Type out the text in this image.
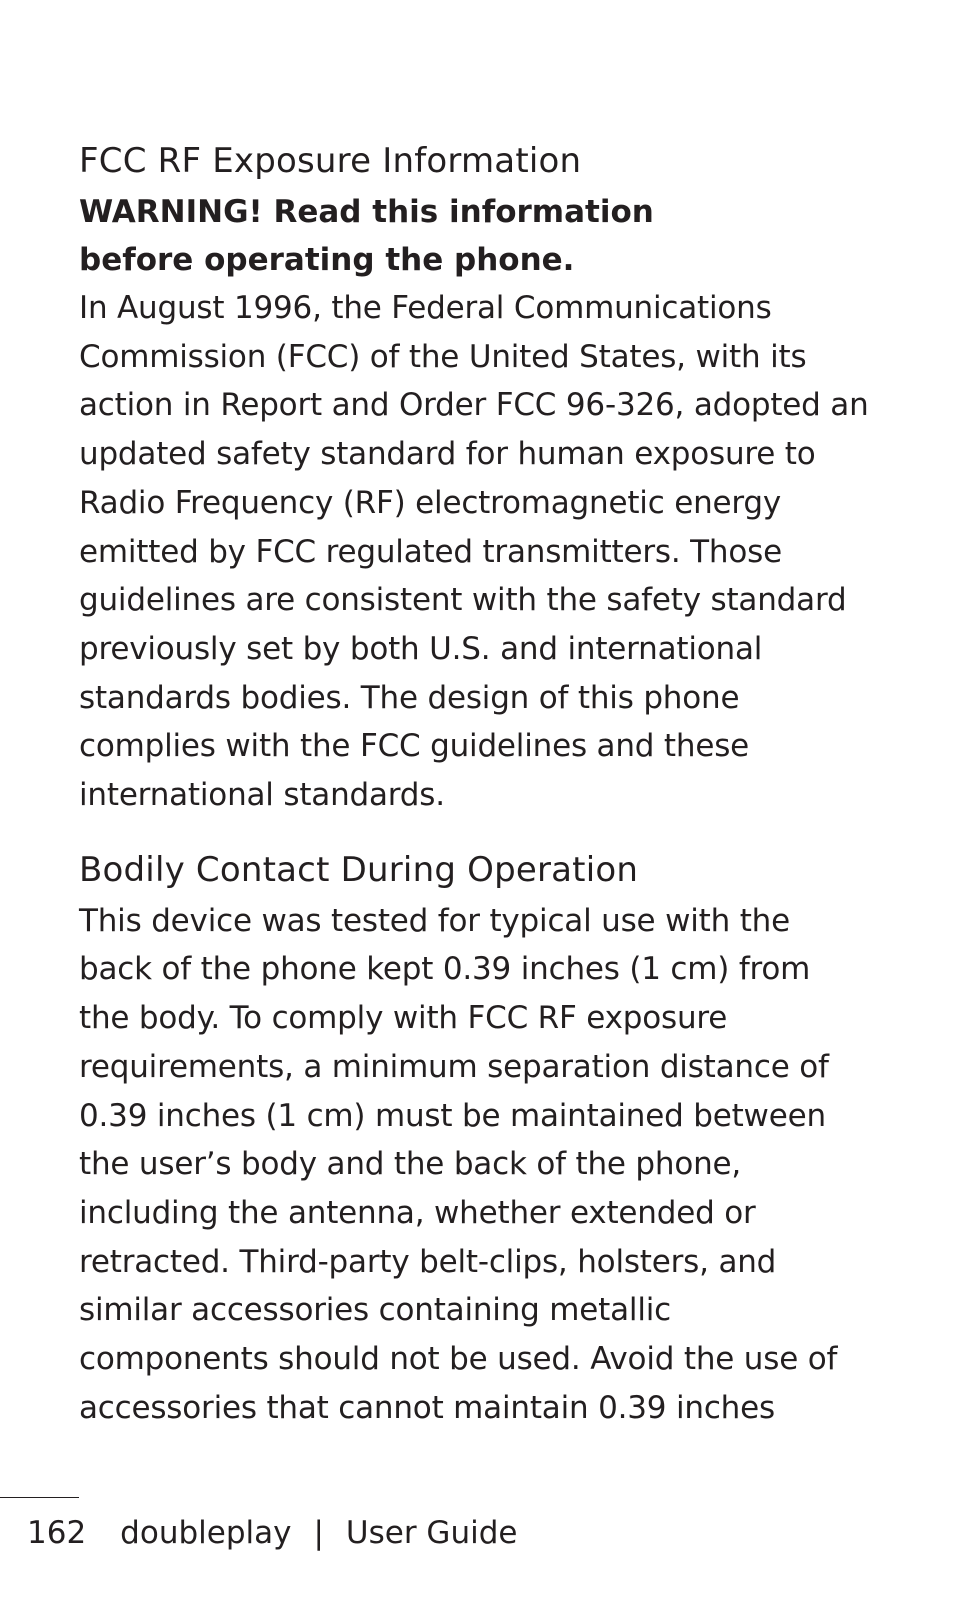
FCC RF Exposure Information

WARNING! Read this information before operating the phone.

In August 1996, the Federal Communications Commission (FCC) of the United States, with its action in Report and Order FCC 96-326, adopted an updated safety standard for human exposure to Radio Frequency (RF) electromagnetic energy emitted by FCC regulated transmitters. Those guidelines are consistent with the safety standard previously set by both U.S. and international standards bodies. The design of this phone complies with the FCC guidelines and these international standards.

Bodily Contact During Operation

This device was tested for typical use with the back of the phone kept 0.39 inches (1 cm) from the body. To comply with FCC RF exposure requirements, a minimum separation distance of 0.39 inches (1 cm) must be maintained between the user’s body and the back of the phone, including the antenna, whether extended or retracted. Third-party belt-clips, holsters, and similar accessories containing metallic components should not be used. Avoid the use of accessories that cannot maintain 0.39 inches

162 doubleplay | User Guide
